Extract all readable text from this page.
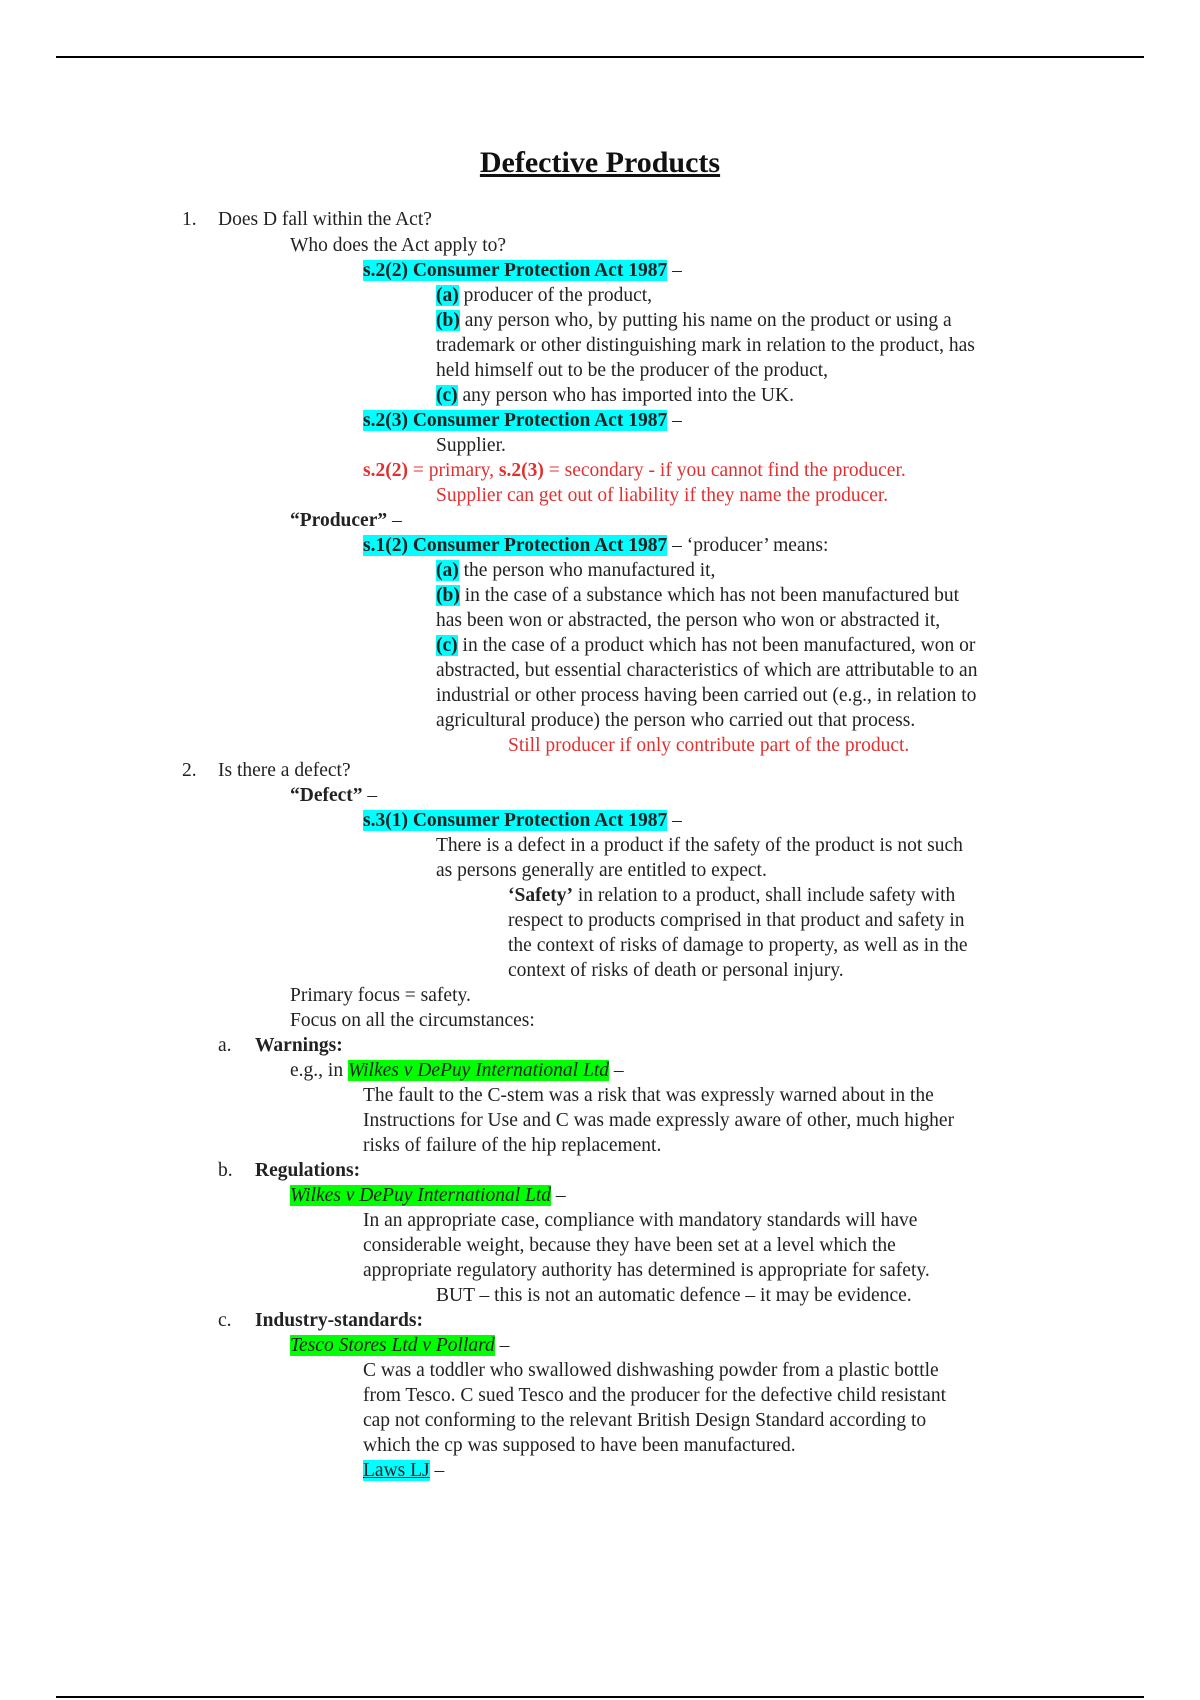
Defective Products
1. Does D fall within the Act?
Who does the Act apply to?
s.2(2) Consumer Protection Act 1987 –
(a) producer of the product,
(b) any person who, by putting his name on the product or using a
trademark or other distinguishing mark in relation to the product, has
held himself out to be the producer of the product,
(c) any person who has imported into the UK.
s.2(3) Consumer Protection Act 1987 –
Supplier.
s.2(2) = primary, s.2(3) = secondary - if you cannot find the producer.
Supplier can get out of liability if they name the producer.
“Producer” –
s.1(2) Consumer Protection Act 1987 – ‘producer’ means:
(a) the person who manufactured it,
(b) in the case of a substance which has not been manufactured but
has been won or abstracted, the person who won or abstracted it,
(c) in the case of a product which has not been manufactured, won or
abstracted, but essential characteristics of which are attributable to an
industrial or other process having been carried out (e.g., in relation to
agricultural produce) the person who carried out that process.
Still producer if only contribute part of the product.
2. Is there a defect?
“Defect” –
s.3(1) Consumer Protection Act 1987 –
There is a defect in a product if the safety of the product is not such
as persons generally are entitled to expect.
‘Safety’ in relation to a product, shall include safety with
respect to products comprised in that product and safety in
the context of risks of damage to property, as well as in the
context of risks of death or personal injury.
Primary focus = safety.
Focus on all the circumstances:
a. Warnings:
e.g., in Wilkes v DePuy International Ltd –
The fault to the C-stem was a risk that was expressly warned about in the
Instructions for Use and C was made expressly aware of other, much higher
risks of failure of the hip replacement.
b. Regulations:
Wilkes v DePuy International Ltd –
In an appropriate case, compliance with mandatory standards will have
considerable weight, because they have been set at a level which the
appropriate regulatory authority has determined is appropriate for safety.
BUT – this is not an automatic defence – it may be evidence.
c. Industry-standards:
Tesco Stores Ltd v Pollard –
C was a toddler who swallowed dishwashing powder from a plastic bottle
from Tesco. C sued Tesco and the producer for the defective child resistant
cap not conforming to the relevant British Design Standard according to
which the cp was supposed to have been manufactured.
Laws LJ –
